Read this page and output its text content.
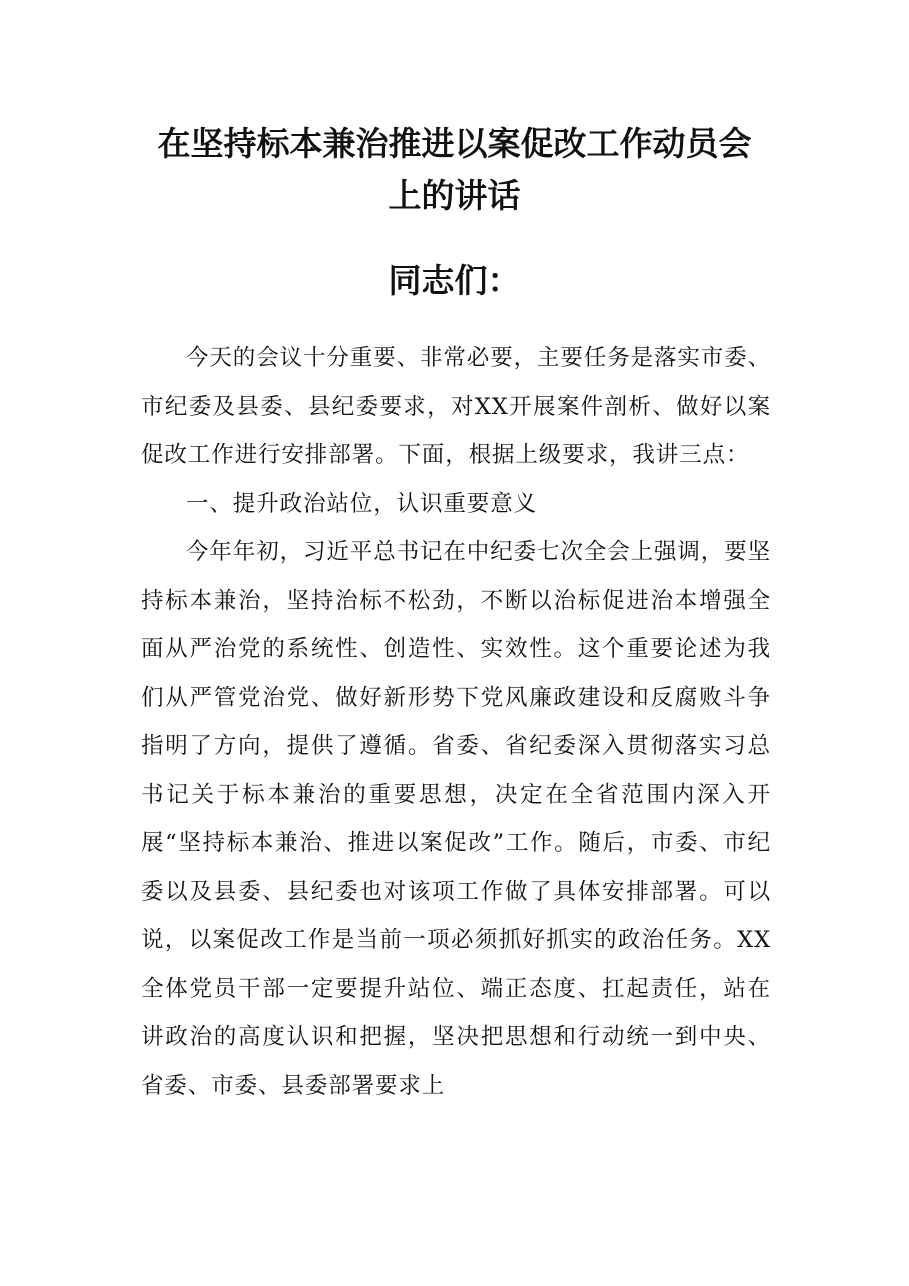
在坚持标本兼治推进以案促改工作动员会
上的讲话
同志们：

今天的会议十分重要、非常必要，主要任务是落实市委、市纪委及县委、县纪委要求，对XX开展案件剖析、做好以案促改工作进行安排部署。下面，根据上级要求，我讲三点：

一、提升政治站位，认识重要意义

今年年初，习近平总书记在中纪委七次全会上强调，要坚持标本兼治，坚持治标不松劲，不断以治标促进治本增强全面从严治党的系统性、创造性、实效性。这个重要论述为我们从严管党治党、做好新形势下党风廉政建设和反腐败斗争指明了方向，提供了遵循。省委、省纪委深入贯彻落实习总书记关于标本兼治的重要思想，决定在全省范围内深入开展“坚持标本兼治、推进以案促改”工作。随后，市委、市纪委以及县委、县纪委也对该项工作做了具体安排部署。可以说，以案促改工作是当前一项必须抓好抓实的政治任务。XX全体党员干部一定要提升站位、端正态度、扛起责任，站在讲政治的高度认识和把握，坚决把思想和行动统一到中央、省委、市委、县委部署要求上
